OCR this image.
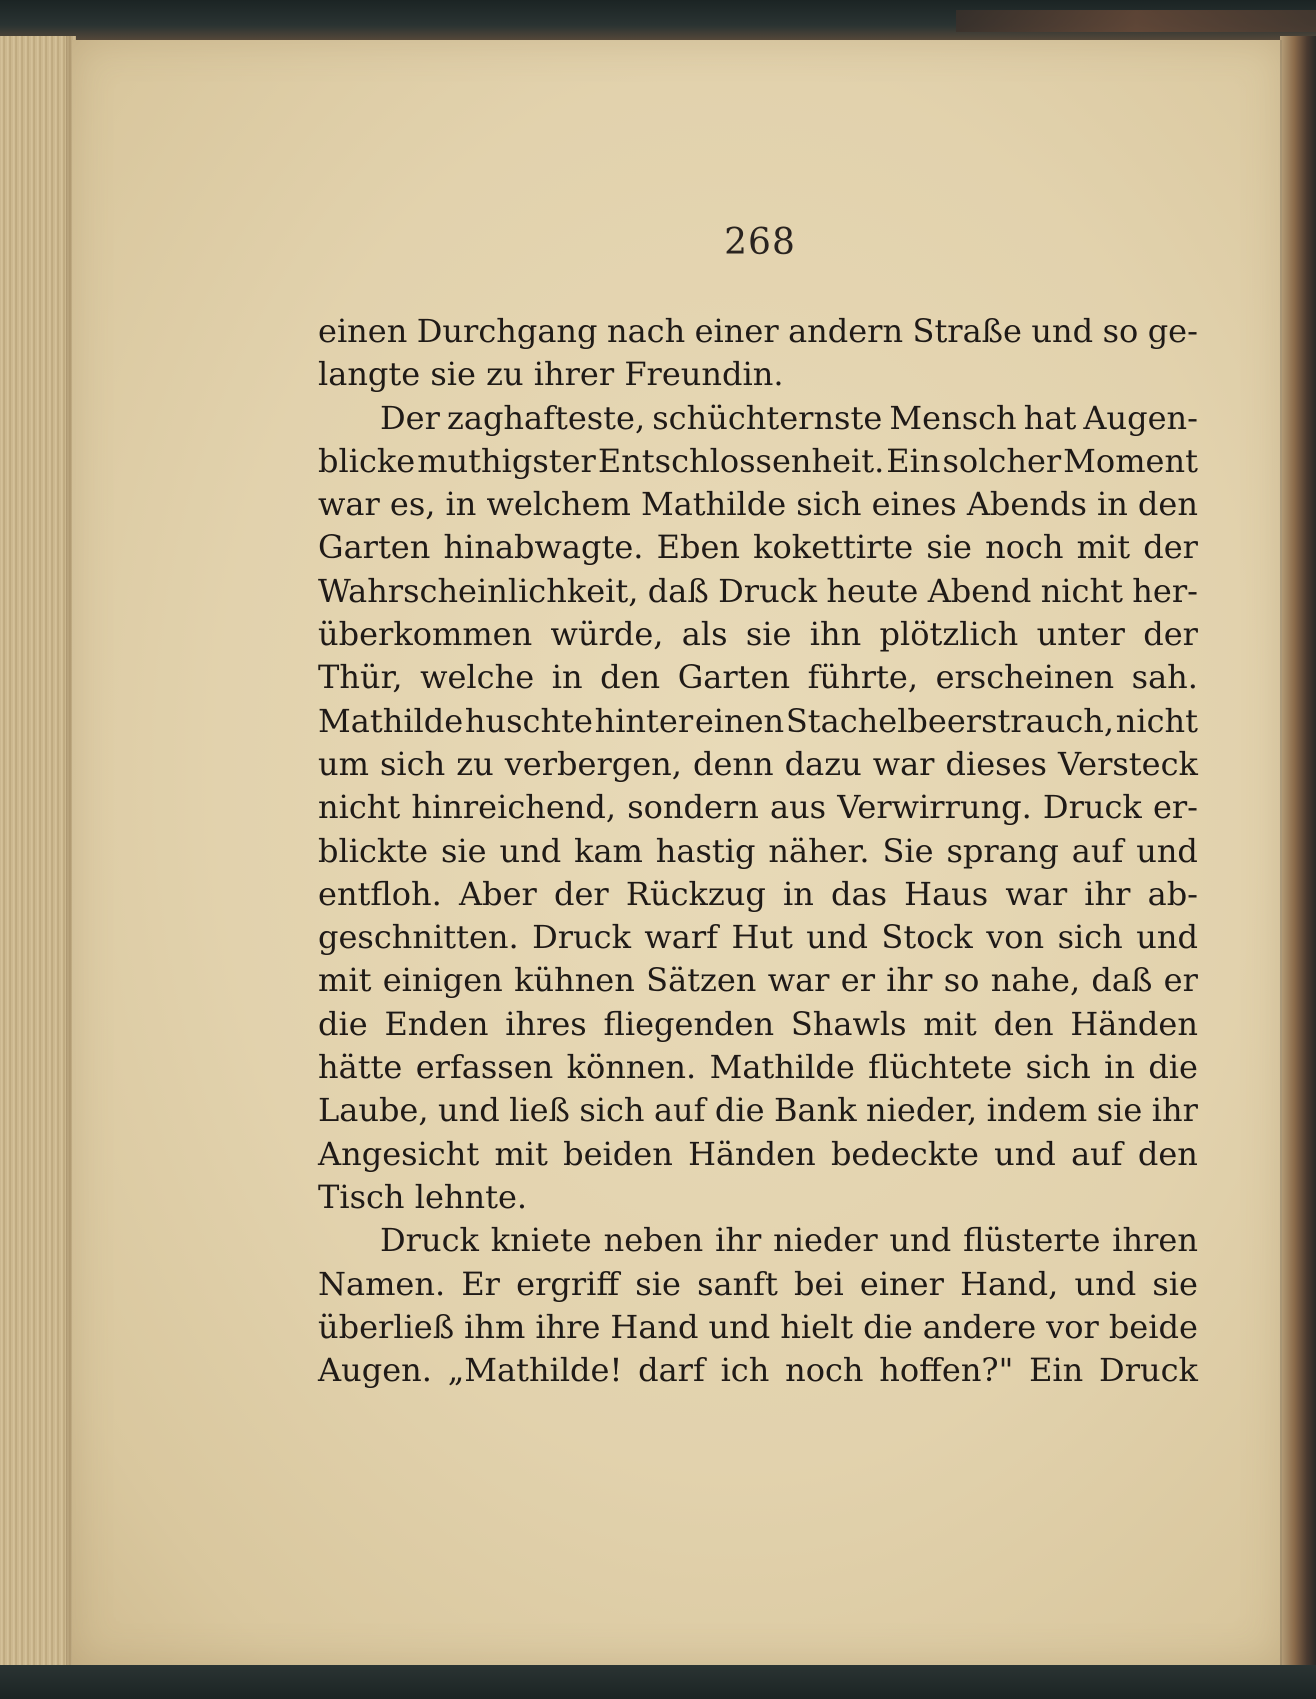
268
einen Durchgang nach einer andern Straße und so ge-
langte sie zu ihrer Freundin.
Der zaghafteste, schüchternste Mensch hat Augen-
blicke muthigster Entschlossenheit. Ein solcher Moment
war es, in welchem Mathilde sich eines Abends in den
Garten hinabwagte. Eben kokettirte sie noch mit der
Wahrscheinlichkeit, daß Druck heute Abend nicht her-
überkommen würde, als sie ihn plötzlich unter der
Thür, welche in den Garten führte, erscheinen sah.
Mathilde huschte hinter einen Stachelbeerstrauch, nicht
um sich zu verbergen, denn dazu war dieses Versteck
nicht hinreichend, sondern aus Verwirrung. Druck er-
blickte sie und kam hastig näher. Sie sprang auf und
entfloh. Aber der Rückzug in das Haus war ihr ab-
geschnitten. Druck warf Hut und Stock von sich und
mit einigen kühnen Sätzen war er ihr so nahe, daß er
die Enden ihres fliegenden Shawls mit den Händen
hätte erfassen können. Mathilde flüchtete sich in die
Laube, und ließ sich auf die Bank nieder, indem sie ihr
Angesicht mit beiden Händen bedeckte und auf den
Tisch lehnte.
Druck kniete neben ihr nieder und flüsterte ihren
Namen. Er ergriff sie sanft bei einer Hand, und sie
überließ ihm ihre Hand und hielt die andere vor beide
Augen. „Mathilde! darf ich noch hoffen?" Ein Druck
